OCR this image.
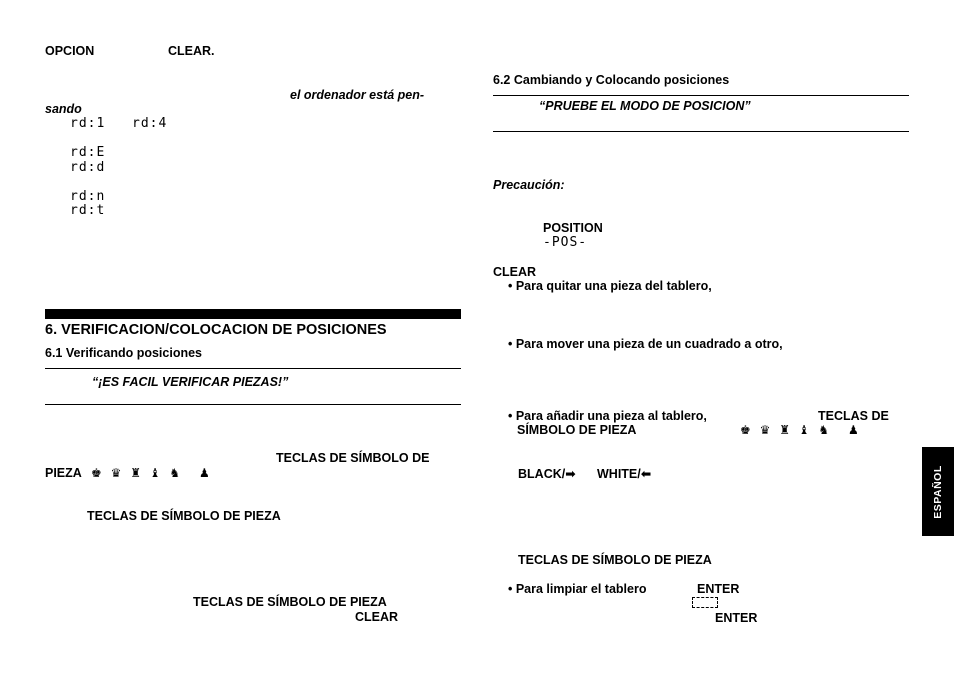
OPCION	CLEAR.
el ordenador está pen-
sando
rd:1 rd:4
rd:E
rd:d
rd:n
rd:t
6. VERIFICACION/COLOCACION DE POSICIONES
6.1 Verificando posiciones
“¡ES FACIL VERIFICAR PIEZAS!”
TECLAS DE SÍMBOLO DE
PIEZA ♚ ♛ ♜ ♝ ♞ ♟
TECLAS DE SÍMBOLO DE PIEZA
TECLAS DE SÍMBOLO DE PIEZA
CLEAR
6.2 Cambiando y Colocando posiciones
“PRUEBE EL MODO DE POSICION”
Precaución:
POSITION
-POS-
CLEAR
• Para quitar una pieza del tablero,
• Para mover una pieza de un cuadrado a otro,
• Para añadir una pieza al tablero,	TECLAS DE
SÍMBOLO DE PIEZA	♚ ♛ ♜ ♝ ♞ ♟
BLACK/➡ WHITE/⬅
TECLAS DE SÍMBOLO DE PIEZA
• Para limpiar el tablero	ENTER
ENTER
ESPAÑOL
